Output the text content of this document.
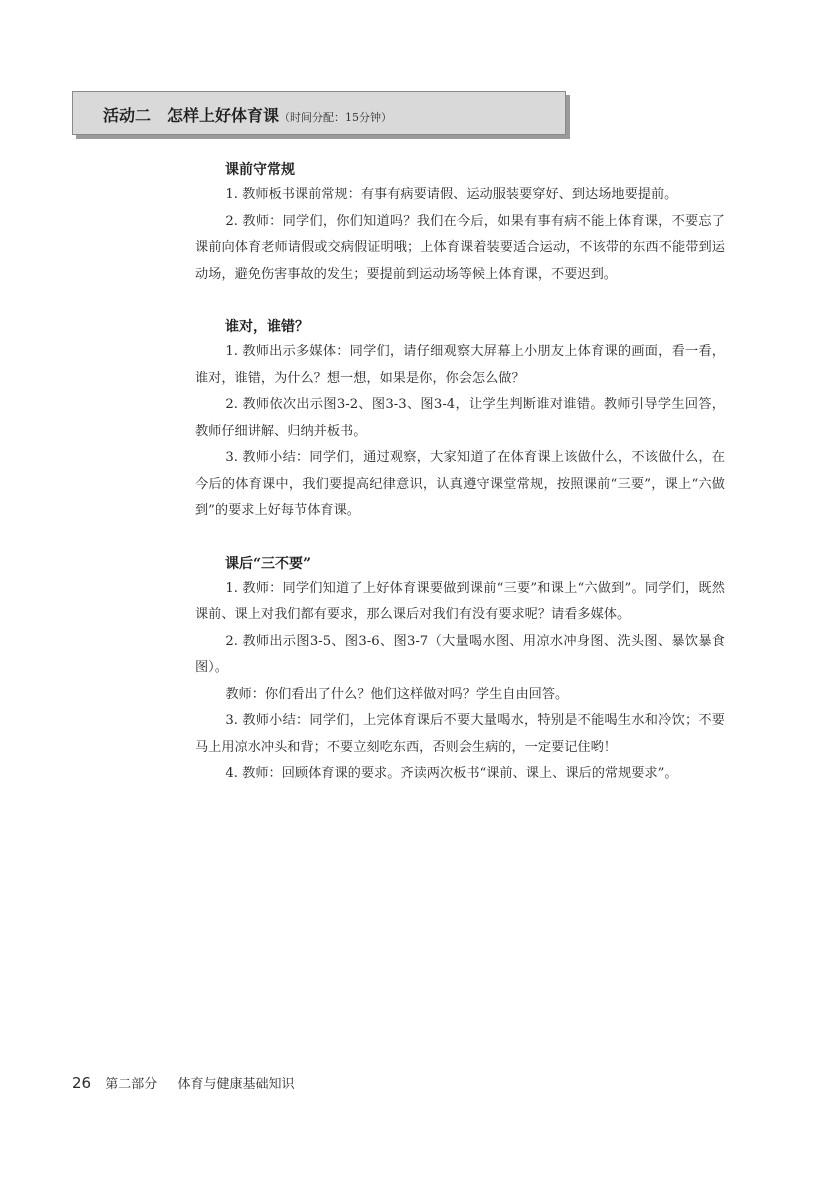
活动二 怎样上好体育课（时间分配：15分钟）
课前守常规

1. 教师板书课前常规：有事有病要请假、运动服装要穿好、到达场地要提前。

2. 教师：同学们，你们知道吗？我们在今后，如果有事有病不能上体育课，不要忘了课前向体育老师请假或交病假证明哦；上体育课着装要适合运动，不该带的东西不能带到运动场，避免伤害事故的发生；要提前到运动场等候上体育课，不要迟到。

谁对，谁错？

1. 教师出示多媒体：同学们，请仔细观察大屏幕上小朋友上体育课的画面，看一看，谁对，谁错，为什么？想一想，如果是你，你会怎么做？

2. 教师依次出示图3-2、图3-3、图3-4，让学生判断谁对谁错。教师引导学生回答，教师仔细讲解、归纳并板书。

3. 教师小结：同学们，通过观察，大家知道了在体育课上该做什么，不该做什么，在今后的体育课中，我们要提高纪律意识，认真遵守课堂常规，按照课前“三要”，课上“六做到”的要求上好每节体育课。

课后“三不要”

1. 教师：同学们知道了上好体育课要做到课前“三要”和课上“六做到”。同学们，既然课前、课上对我们都有要求，那么课后对我们有没有要求呢？请看多媒体。

2. 教师出示图3-5、图3-6、图3-7（大量喝水图、用凉水冲身图、洗头图、暴饮暴食图）。

教师：你们看出了什么？他们这样做对吗？学生自由回答。

3. 教师小结：同学们，上完体育课后不要大量喝水，特别是不能喝生水和冷饮；不要马上用凉水冲头和背；不要立刻吃东西，否则会生病的，一定要记住哟！

4. 教师：回顾体育课的要求。齐读两次板书“课前、课上、课后的常规要求”。

26 第二部分 体育与健康基础知识
